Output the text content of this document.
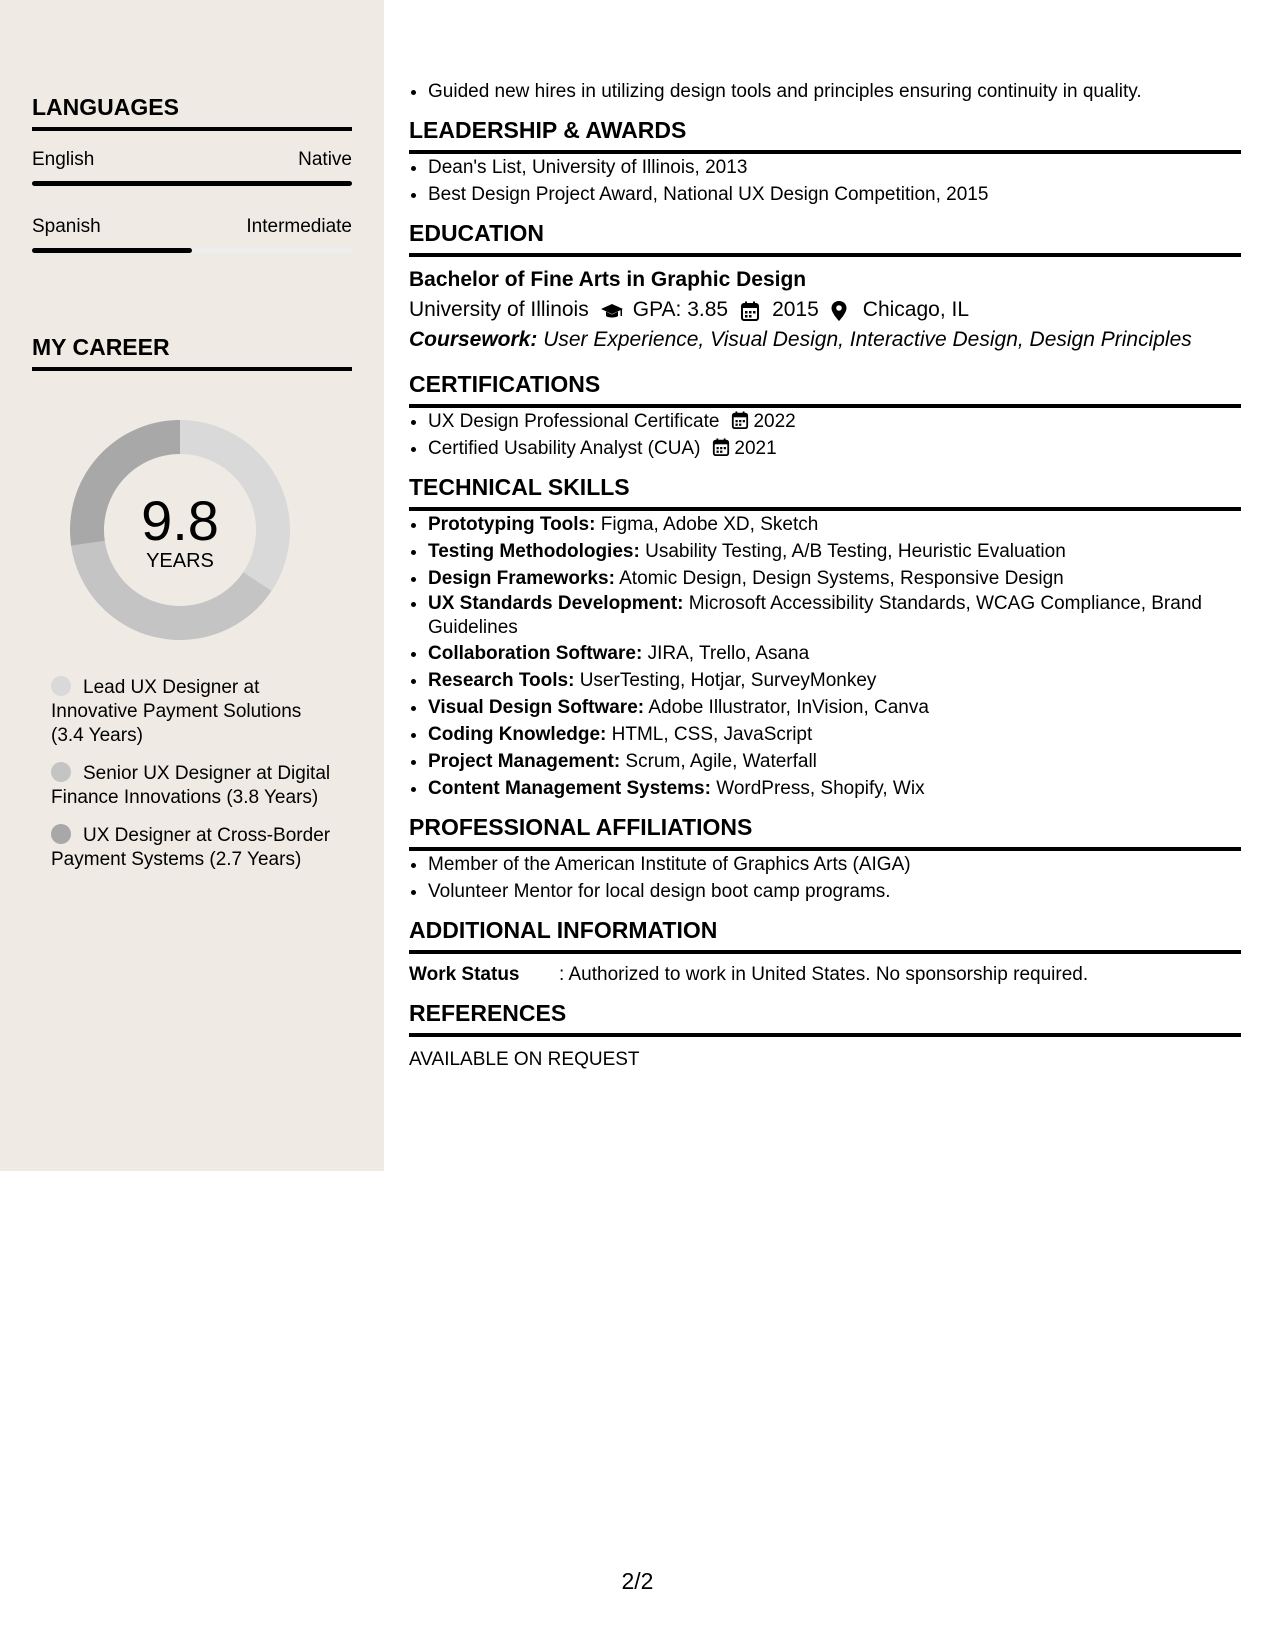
LANGUAGES
English	Native
Spanish	Intermediate
MY CAREER
9.8
YEARS
Lead UX Designer at Innovative Payment Solutions (3.4 Years)
Senior UX Designer at Digital Finance Innovations (3.8 Years)
UX Designer at Cross-Border Payment Systems (2.7 Years)
• Guided new hires in utilizing design tools and principles ensuring continuity in quality.
LEADERSHIP & AWARDS
• Dean's List, University of Illinois, 2013
• Best Design Project Award, National UX Design Competition, 2015
EDUCATION
Bachelor of Fine Arts in Graphic Design
University of Illinois GPA: 3.85 2015 Chicago, IL
Coursework: User Experience, Visual Design, Interactive Design, Design Principles
CERTIFICATIONS
• UX Design Professional Certificate 2022
• Certified Usability Analyst (CUA) 2021
TECHNICAL SKILLS
• Prototyping Tools: Figma, Adobe XD, Sketch
• Testing Methodologies: Usability Testing, A/B Testing, Heuristic Evaluation
• Design Frameworks: Atomic Design, Design Systems, Responsive Design
• UX Standards Development: Microsoft Accessibility Standards, WCAG Compliance, Brand Guidelines
• Collaboration Software: JIRA, Trello, Asana
• Research Tools: UserTesting, Hotjar, SurveyMonkey
• Visual Design Software: Adobe Illustrator, InVision, Canva
• Coding Knowledge: HTML, CSS, JavaScript
• Project Management: Scrum, Agile, Waterfall
• Content Management Systems: WordPress, Shopify, Wix
PROFESSIONAL AFFILIATIONS
• Member of the American Institute of Graphics Arts (AIGA)
• Volunteer Mentor for local design boot camp programs.
ADDITIONAL INFORMATION
Work Status	: Authorized to work in United States. No sponsorship required.
REFERENCES
AVAILABLE ON REQUEST
2/2
